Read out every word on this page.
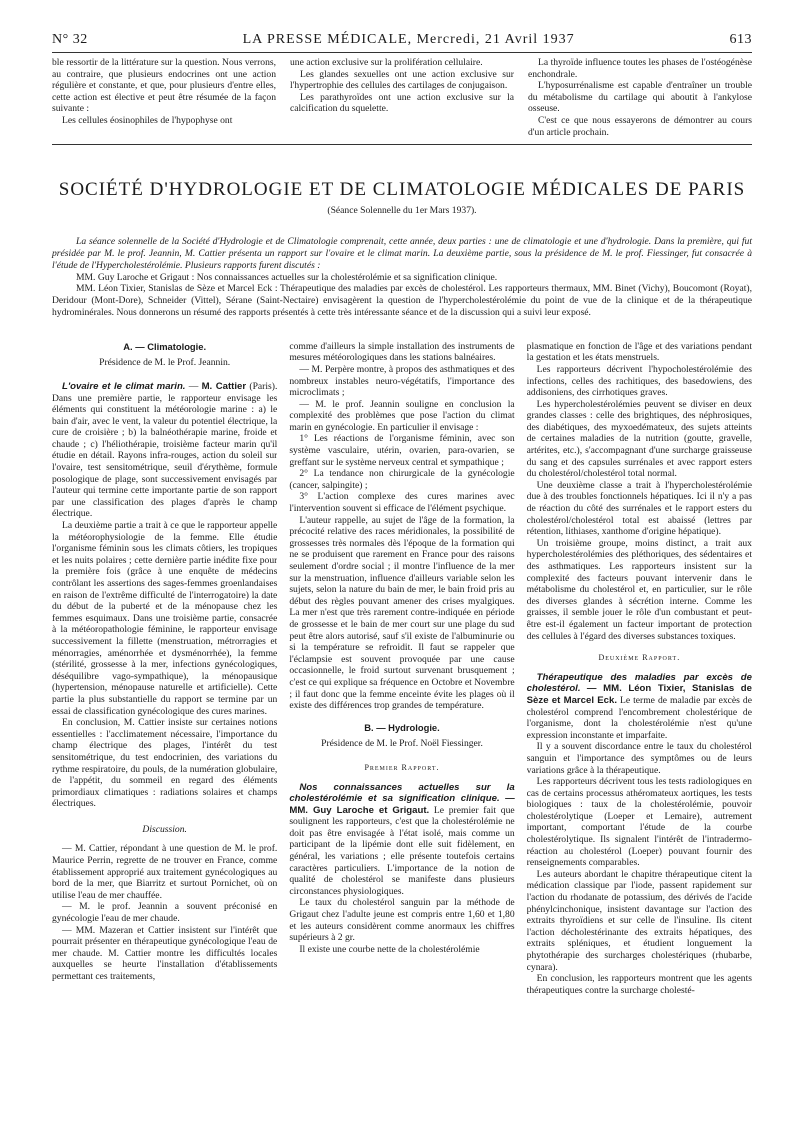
N° 32	LA PRESSE MÉDICALE, Mercredi, 21 Avril 1937	613

ble ressortir de la littérature sur la question. Nous verrons, au contraire, que plusieurs endocrines ont une action régulière et constante, et que, pour plusieurs d'entre elles, cette action est élective et peut être résumée de la façon suivante :

Les cellules éosinophiles de l'hypophyse ont

une action exclusive sur la prolifération cellulaire.

Les glandes sexuelles ont une action exclusive sur l'hypertrophie des cellules des cartilages de conjugaison.

Les parathyroïdes ont une action exclusive sur la calcification du squelette.

La thyroïde influence toutes les phases de l'ostéogénèse enchondrale.

L'hyposurrénalisme est capable d'entraîner un trouble du métabolisme du cartilage qui aboutit à l'ankylose osseuse.

C'est ce que nous essayerons de démontrer au cours d'un article prochain.

SOCIÉTÉ D'HYDROLOGIE ET DE CLIMATOLOGIE MÉDICALES DE PARIS
(Séance Solennelle du 1er Mars 1937).

La séance solennelle de la Société d'Hydrologie et de Climatologie comprenait, cette année, deux parties : une de climatologie et une d'hydrologie. Dans la première, qui fut présidée par M. le prof. Jeannin, M. Cattier présenta un rapport sur l'ovaire et le climat marin. La deuxième partie, sous la présidence de M. le prof. Fiessinger, fut consacrée à l'étude de l'Hypercholestérolémie. Plusieurs rapports furent discutés :

MM. Guy Laroche et Grigaut : Nos connaissances actuelles sur la cholestérolémie et sa signification clinique.

MM. Léon Tixier, Stanislas de Sèze et Marcel Eck : Thérapeutique des maladies par excès de cholestérol. Les rapporteurs thermaux, MM. Binet (Vichy), Boucomont (Royat), Deridour (Mont-Dore), Schneider (Vittel), Sérane (Saint-Nectaire) envisagèrent la question de l'hypercholestérolémie du point de vue de la clinique et de la thérapeutique hydrominérales. Nous donnerons un résumé des rapports présentés à cette très intéressante séance et de la discussion qui a suivi leur exposé.

A. — Climatologie.
Présidence de M. le Prof. Jeannin.

L'ovaire et le climat marin. — M. Cattier (Paris). Dans une première partie, le rapporteur envisage les éléments qui constituent la météorologie marine : a) le bain d'air, avec le vent, la valeur du potentiel électrique, la cure de croisière ; b) la balnéothérapie marine, froide et chaude ; c) l'héliothérapie, troisième facteur marin qu'il étudie en détail. Rayons infra-rouges, action du soleil sur l'ovaire, test sensitométrique, seuil d'érythème, formule posologique de plage, sont successivement envisagés par l'auteur qui termine cette importante partie de son rapport par une classification des plages d'après le champ électrique.

La deuxième partie a trait à ce que le rapporteur appelle la météorophysiologie de la femme. Elle étudie l'organisme féminin sous les climats côtiers, les tropiques et les nuits polaires ; cette dernière partie inédite fixe pour la première fois (grâce à une enquête de médecins contrôlant les assertions des sages-femmes groenlandaises en raison de l'extrême difficulté de l'interrogatoire) la date du début de la puberté et de la ménopause chez les femmes esquimaux. Dans une troisième partie, consacrée à la météoropathologie féminine, le rapporteur envisage successivement la fillette (menstruation, métrorragies et ménorragies, aménorrhée et dysménorrhée), la femme (stérilité, grossesse à la mer, infections gynécologiques, déséquilibre vago-sympathique), la ménopausique (hypertension, ménopause naturelle et artificielle). Cette partie la plus substantielle du rapport se termine par un essai de classification gynécologique des cures marines.

En conclusion, M. Cattier insiste sur certaines notions essentielles : l'acclimatement nécessaire, l'importance du champ électrique des plages, l'intérêt du test sensitométrique, du test endocrinien, des variations du rythme respiratoire, du pouls, de la numération globulaire, de l'appétit, du sommeil en regard des éléments primordiaux climatiques : radiations solaires et champs électriques.

Discussion.

— M. Cattier, répondant à une question de M. le prof. Maurice Perrin, regrette de ne trouver en France, comme établissement approprié aux traitement gynécologiques au bord de la mer, que Biarritz et surtout Pornichet, où on utilise l'eau de mer chauffée.

— M. le prof. Jeannin a souvent préconisé en gynécologie l'eau de mer chaude.

— MM. Mazeran et Cattier insistent sur l'intérêt que pourrait présenter en thérapeutique gynécologique l'eau de mer chaude. M. Cattier montre les difficultés locales auxquelles se heurte l'installation d'établissements permettant ces traitements,

comme d'ailleurs la simple installation des instruments de mesures météorologiques dans les stations balnéaires.

— M. Perpère montre, à propos des asthmatiques et des nombreux instables neuro-végétatifs, l'importance des microclimats ;

— M. le prof. Jeannin souligne en conclusion la complexité des problèmes que pose l'action du climat marin en gynécologie. En particulier il envisage :

1° Les réactions de l'organisme féminin, avec son système vasculaire, utérin, ovarien, para-ovarien, se greffant sur le système nerveux central et sympathique ;

2° La tendance non chirurgicale de la gynécologie (cancer, salpingite) ;

3° L'action complexe des cures marines avec l'intervention souvent si efficace de l'élément psychique.

L'auteur rappelle, au sujet de l'âge de la formation, la précocité relative des races méridionales, la possibilité de grossesses très normales dès l'époque de la formation qui ne se produisent que rarement en France pour des raisons seulement d'ordre social ; il montre l'influence de la mer sur la menstruation, influence d'ailleurs variable selon les sujets, selon la nature du bain de mer, le bain froid pris au début des règles pouvant amener des crises myalgiques. La mer n'est que très rarement contre-indiquée en période de grossesse et le bain de mer court sur une plage du sud peut être alors autorisé, sauf s'il existe de l'albuminurie ou si la température se refroidit. Il faut se rappeler que l'éclampsie est souvent provoquée par une cause occasionnelle, le froid surtout survenant brusquement ; c'est ce qui explique sa fréquence en Octobre et Novembre ; il faut donc que la femme enceinte évite les plages où il existe des différences trop grandes de température.

B. — Hydrologie.
Présidence de M. le Prof. Noël Fiessinger.
Premier Rapport.

Nos connaissances actuelles sur la cholestérolémie et sa signification clinique. — MM. Guy Laroche et Grigaut. Le premier fait que soulignent les rapporteurs, c'est que la cholestérolémie ne doit pas être envisagée à l'état isolé, mais comme un participant de la lipémie dont elle suit fidèlement, en général, les variations ; elle présente toutefois certains caractères particuliers. L'importance de la notion de qualité de cholestérol se manifeste dans plusieurs circonstances physiologiques.

Le taux du cholestérol sanguin par la méthode de Grigaut chez l'adulte jeune est compris entre 1,60 et 1,80 et les auteurs considèrent comme anormaux les chiffres supérieurs à 2 gr.

Il existe une courbe nette de la cholestérolémie

plasmatique en fonction de l'âge et des variations pendant la gestation et les états menstruels.

Les rapporteurs décrivent l'hypocholestérolémie des infections, celles des rachitiques, des basedowiens, des addisoniens, des cirrhotiques graves.

Les hypercholestérolémies peuvent se diviser en deux grandes classes : celle des brightiques, des néphrosiques, des diabétiques, des myxoedémateux, des sujets atteints de certaines maladies de la nutrition (goutte, gravelle, artérites, etc.), s'accompagnant d'une surcharge graisseuse du sang et des capsules surrénales et avec rapport esters du cholestérol/cholestérol total normal.

Une deuxième classe a trait à l'hypercholestérolémie due à des troubles fonctionnels hépatiques. Ici il n'y a pas de réaction du côté des surrénales et le rapport esters du cholestérol/cholestérol total est abaissé (lettres par rétention, lithiases, xanthome d'origine hépatique).

Un troisième groupe, moins distinct, a trait aux hypercholestérolémies des pléthoriques, des sédentaires et des asthmatiques. Les rapporteurs insistent sur la complexité des facteurs pouvant intervenir dans le métabolisme du cholestérol et, en particulier, sur le rôle des diverses glandes à sécrétion interne. Comme les graisses, il semble jouer le rôle d'un combustant et peut-être est-il également un facteur important de protection des cellules à l'égard des diverses substances toxiques.

Deuxième Rapport.

Thérapeutique des maladies par excès de cholestérol. — MM. Léon Tixier, Stanislas de Sèze et Marcel Eck. Le terme de maladie par excès de cholestérol comprend l'encombrement cholestérique de l'organisme, dont la cholestérolémie n'est qu'une expression inconstante et imparfaite.

Il y a souvent discordance entre le taux du cholestérol sanguin et l'importance des symptômes ou de leurs variations grâce à la thérapeutique.

Les rapporteurs décrivent tous les tests radiologiques en cas de certains processus athéromateux aortiques, les tests biologiques : taux de la cholestérolémie, pouvoir cholestérolytique (Loeper et Lemaire), autrement important, comportant l'étude de la courbe cholestérolytique. Ils signalent l'intérêt de l'intradermo-réaction au cholestérol (Loeper) pouvant fournir des renseignements comparables.

Les auteurs abordant le chapitre thérapeutique citent la médication classique par l'iode, passent rapidement sur l'action du rhodanate de potassium, des dérivés de l'acide phénylcinchonique, insistent davantage sur l'action des extraits thyroïdiens et sur celle de l'insuline. Ils citent l'action décholestérinante des extraits hépatiques, des extraits spléniques, et étudient longuement la phytothérapie des surcharges cholestériques (rhubarbe, cynara).

En conclusion, les rapporteurs montrent que les agents thérapeutiques contre la surcharge cholesté-
